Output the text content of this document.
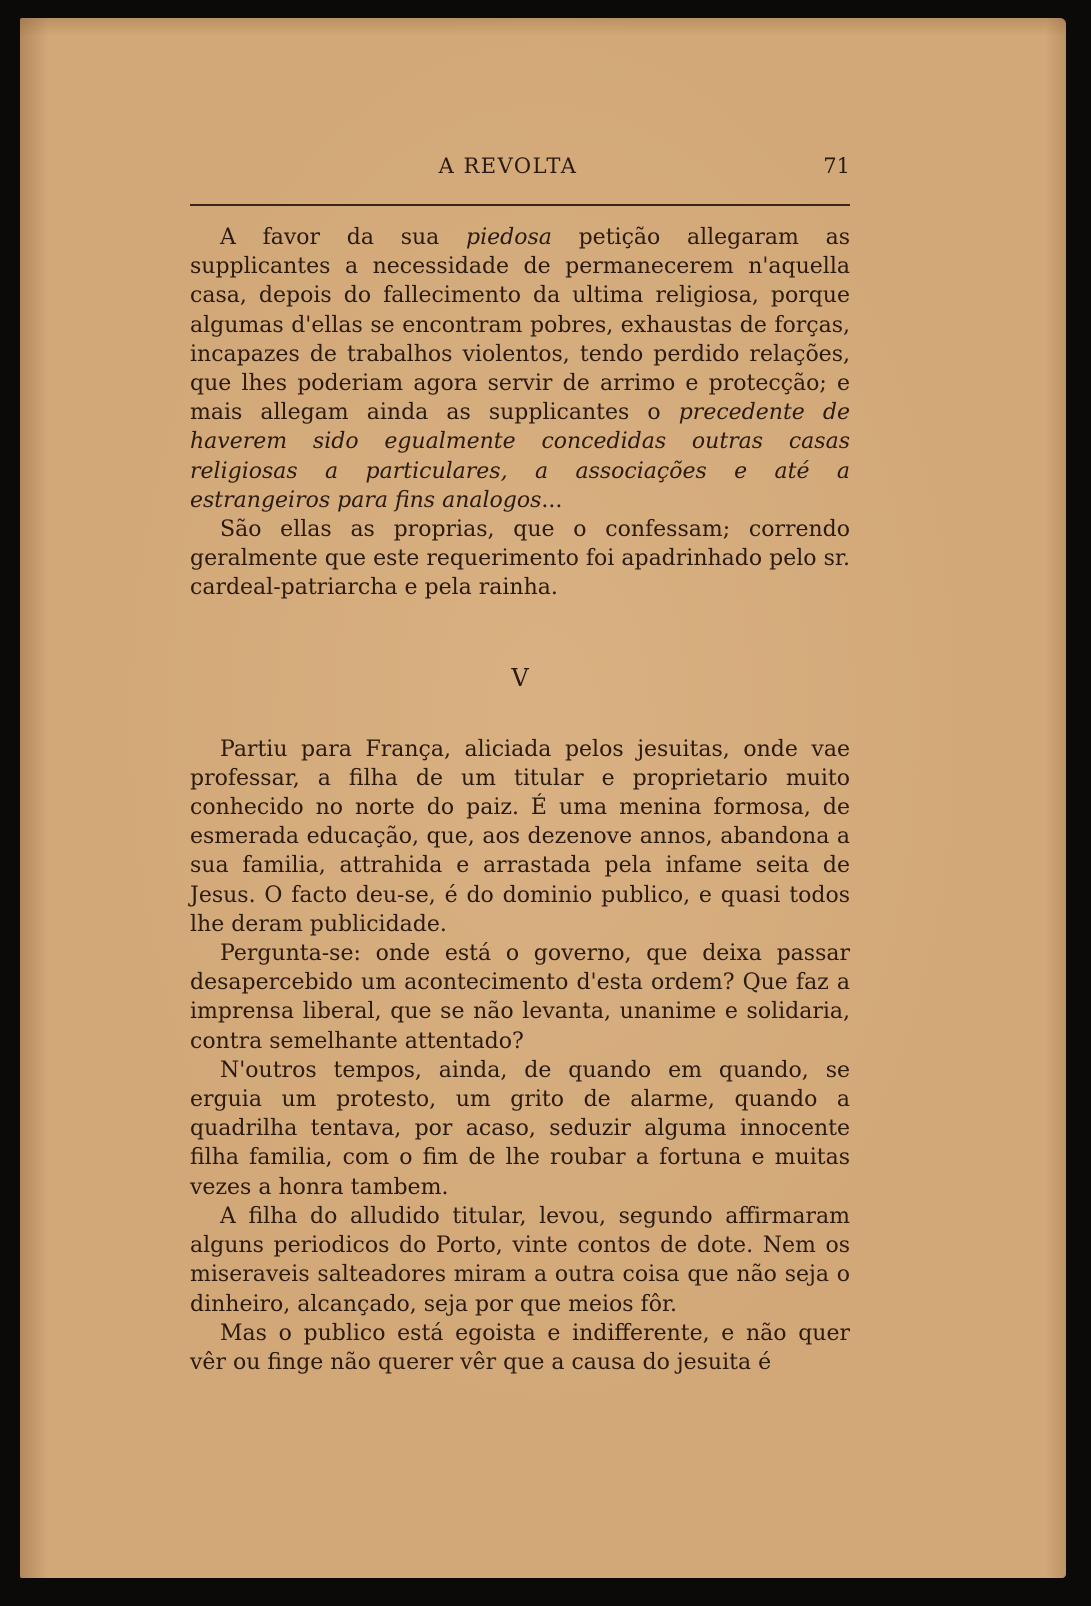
A REVOLTA	71

A favor da sua piedosa petição allegaram as supplicantes a necessidade de permanecerem n'aquella casa, depois do fallecimento da ultima religiosa, porque algumas d'ellas se encontram pobres, exhaustas de forças, incapazes de trabalhos violentos, tendo perdido relações, que lhes poderiam agora servir de arrimo e protecção; e mais allegam ainda as supplicantes o precedente de haverem sido egualmente concedidas outras casas religiosas a particulares, a associações e até a estrangeiros para fins analogos...

São ellas as proprias, que o confessam; correndo geralmente que este requerimento foi apadrinhado pelo sr. cardeal-patriarcha e pela rainha.

V

Partiu para França, aliciada pelos jesuitas, onde vae professar, a filha de um titular e proprietario muito conhecido no norte do paiz. É uma menina formosa, de esmerada educação, que, aos dezenove annos, abandona a sua familia, attrahida e arrastada pela infame seita de Jesus. O facto deu-se, é do dominio publico, e quasi todos lhe deram publicidade.

Pergunta-se: onde está o governo, que deixa passar desapercebido um acontecimento d'esta ordem? Que faz a imprensa liberal, que se não levanta, unanime e solidaria, contra semelhante attentado?

N'outros tempos, ainda, de quando em quando, se erguia um protesto, um grito de alarme, quando a quadrilha tentava, por acaso, seduzir alguma innocente filha familia, com o fim de lhe roubar a fortuna e muitas vezes a honra tambem.

A filha do alludido titular, levou, segundo affirmaram alguns periodicos do Porto, vinte contos de dote. Nem os miseraveis salteadores miram a outra coisa que não seja o dinheiro, alcançado, seja por que meios fôr.

Mas o publico está egoista e indifferente, e não quer vêr ou finge não querer vêr que a causa do jesuita é
